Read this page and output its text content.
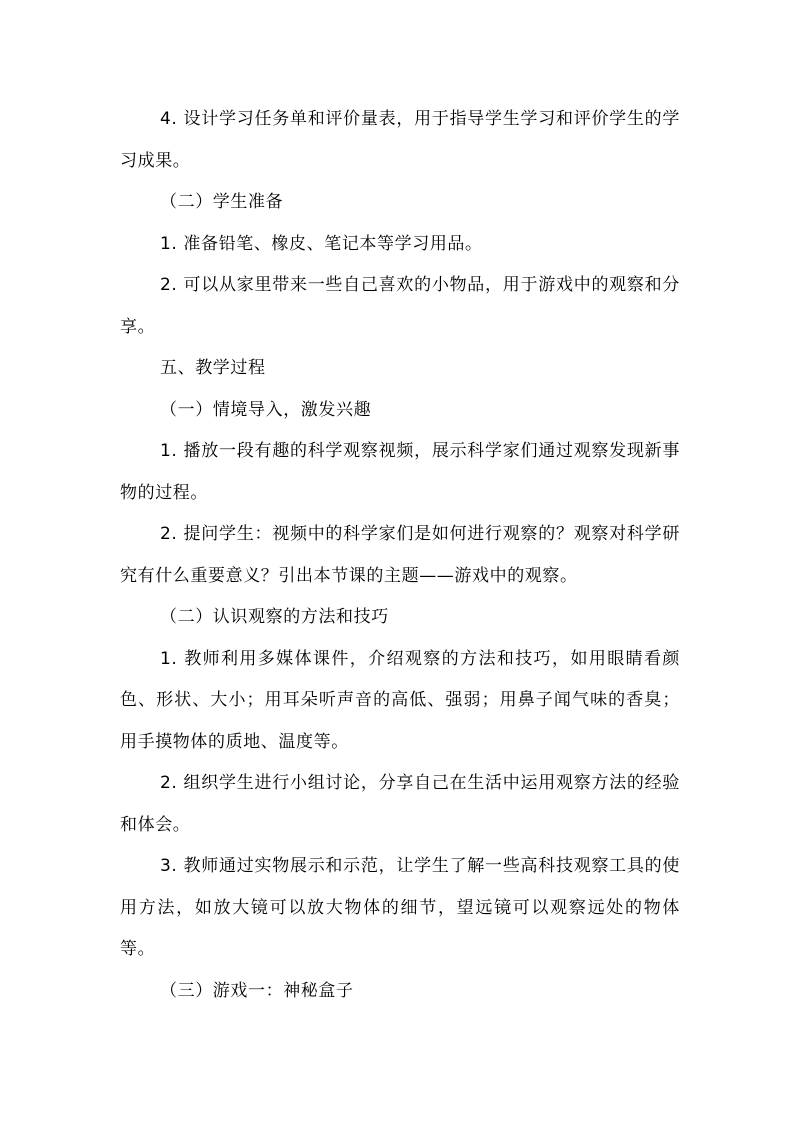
4. 设计学习任务单和评价量表，用于指导学生学习和评价学生的学习成果。

（二）学生准备

1. 准备铅笔、橡皮、笔记本等学习用品。

2. 可以从家里带来一些自己喜欢的小物品，用于游戏中的观察和分享。

五、教学过程

（一）情境导入，激发兴趣

1. 播放一段有趣的科学观察视频，展示科学家们通过观察发现新事物的过程。

2. 提问学生：视频中的科学家们是如何进行观察的？观察对科学研究有什么重要意义？引出本节课的主题——游戏中的观察。

（二）认识观察的方法和技巧

1. 教师利用多媒体课件，介绍观察的方法和技巧，如用眼睛看颜色、形状、大小；用耳朵听声音的高低、强弱；用鼻子闻气味的香臭；用手摸物体的质地、温度等。

2. 组织学生进行小组讨论，分享自己在生活中运用观察方法的经验和体会。

3. 教师通过实物展示和示范，让学生了解一些高科技观察工具的使用方法，如放大镜可以放大物体的细节，望远镜可以观察远处的物体等。

（三）游戏一：神秘盒子
